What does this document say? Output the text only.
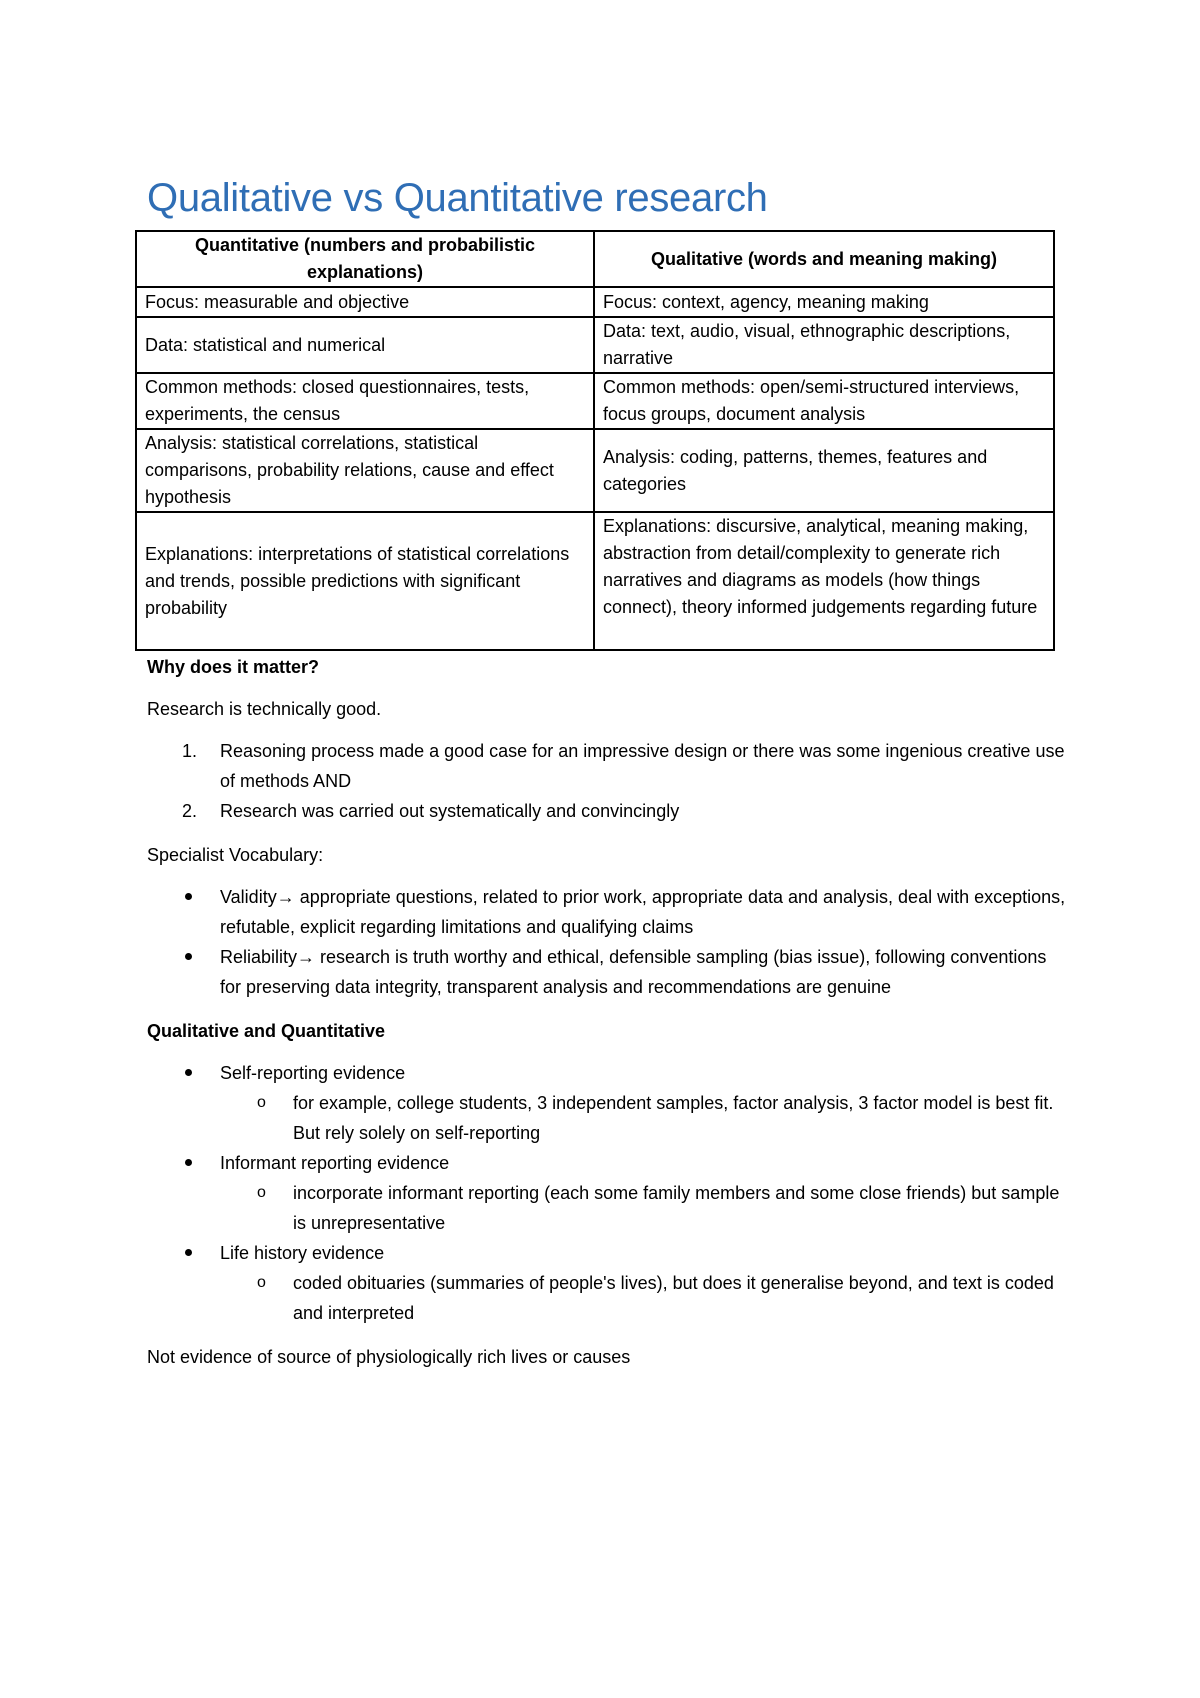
Qualitative vs Quantitative research
Quantitative (numbers and probabilistic explanations)	Qualitative (words and meaning making)
Focus: measurable and objective	Focus: context, agency, meaning making
Data: statistical and numerical	Data: text, audio, visual, ethnographic descriptions, narrative
Common methods: closed questionnaires, tests, experiments, the census	Common methods: open/semi-structured interviews, focus groups, document analysis
Analysis: statistical correlations, statistical comparisons, probability relations, cause and effect hypothesis	Analysis: coding, patterns, themes, features and categories
Explanations: interpretations of statistical correlations and trends, possible predictions with significant probability	Explanations: discursive, analytical, meaning making, abstraction from detail/complexity to generate rich narratives and diagrams as models (how things connect), theory informed judgements regarding future

Why does it matter?

Research is technically good.

1. Reasoning process made a good case for an impressive design or there was some ingenious creative use of methods AND
2. Research was carried out systematically and convincingly

Specialist Vocabulary:

Validity→ appropriate questions, related to prior work, appropriate data and analysis, deal with exceptions, refutable, explicit regarding limitations and qualifying claims
Reliability→ research is truth worthy and ethical, defensible sampling (bias issue), following conventions for preserving data integrity, transparent analysis and recommendations are genuine

Qualitative and Quantitative

Self-reporting evidence
o for example, college students, 3 independent samples, factor analysis, 3 factor model is best fit. But rely solely on self-reporting
Informant reporting evidence
o incorporate informant reporting (each some family members and some close friends) but sample is unrepresentative
Life history evidence
o coded obituaries (summaries of people's lives), but does it generalise beyond, and text is coded and interpreted

Not evidence of source of physiologically rich lives or causes
